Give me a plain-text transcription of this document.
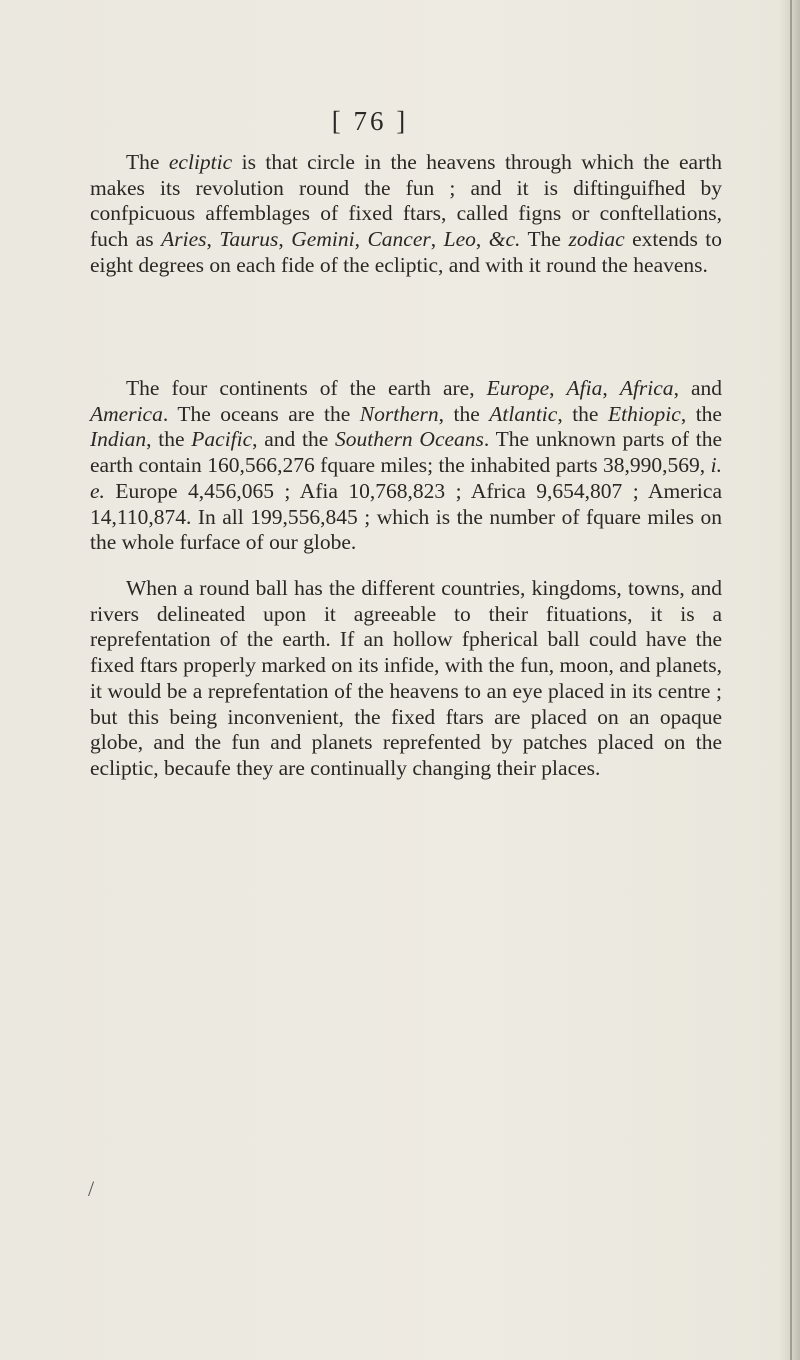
[ 76 ]

The ecliptic is that circle in the heavens through which the earth makes its revolution round the fun ; and it is diftinguifhed by confpicuous affemblages of fixed ftars, called figns or conftellations, fuch as Aries, Taurus, Gemini, Cancer, Leo, &c. The zodiac extends to eight degrees on each fide of the ecliptic, and with it round the heavens.

The four continents of the earth are, Europe, Afia, Africa, and America. The oceans are the Northern, the Atlantic, the Ethiopic, the Indian, the Pacific, and the Southern Oceans. The unknown parts of the earth contain 160,566,276 fquare miles; the inhabited parts 38,990,569, i. e. Europe 4,456,065 ; Afia 10,768,823 ; Africa 9,654,807 ; America 14,110,874. In all 199,556,845 ; which is the number of fquare miles on the whole furface of our globe.

When a round ball has the different countries, kingdoms, towns, and rivers delineated upon it agreeable to their fituations, it is a reprefentation of the earth. If an hollow fpherical ball could have the fixed ftars properly marked on its infide, with the fun, moon, and planets, it would be a reprefentation of the heavens to an eye placed in its centre ; but this being inconvenient, the fixed ftars are placed on an opaque globe, and the fun and planets reprefented by patches placed on the ecliptic, becaufe they are continually changing their places.

/
